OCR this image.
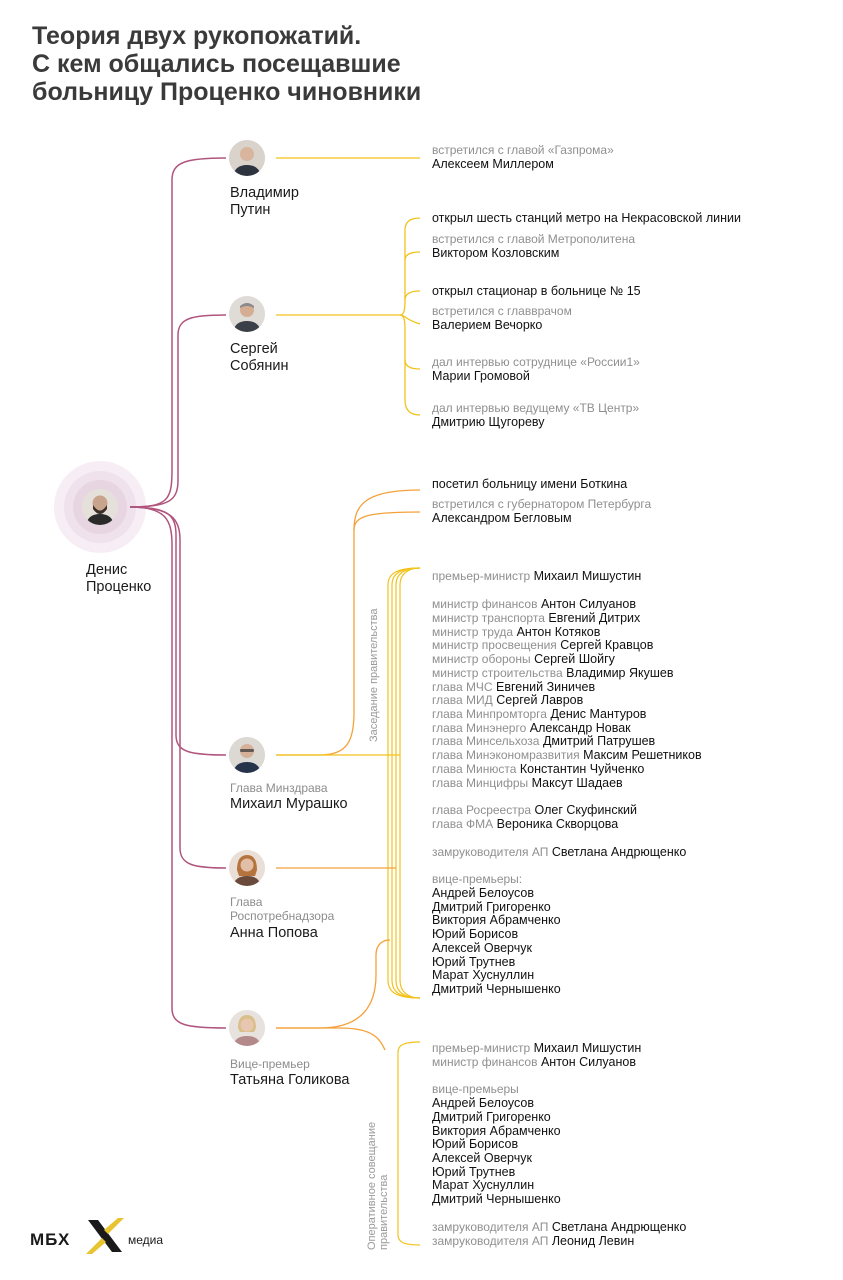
Теория двух рукопожатий.
С кем общались посещавшие
больницу Проценко чиновники
Денис
Проценко
Владимир
Путин
Сергей
Собянин
Глава Минздрава
Михаил Мурашко
Глава
Роспотребнадзора
Анна Попова
Вице-премьер
Татьяна Голикова
встретился с главой «Газпрома»
Алексеем Миллером
открыл шесть станций метро на Некрасовской линии
встретился с главой Метрополитена
Виктором Козловским
открыл стационар в больнице № 15
встретился с главврачом
Валерием Вечорко
дал интервью сотруднице «России1»
Марии Громовой
дал интервью ведущему «ТВ Центр»
Дмитрию Щугореву
посетил больницу имени Боткина
встретился с губернатором Петербурга
Александром Бегловым
Заседание правительства
премьер-министр Михаил Мишустин
министр финансов Антон Силуанов
министр транспорта Евгений Дитрих
министр труда Антон Котяков
министр просвещения Сергей Кравцов
министр обороны Сергей Шойгу
министр строительства Владимир Якушев
глава МЧС Евгений Зиничев
глава МИД Сергей Лавров
глава Минпромторга Денис Мантуров
глава Минэнерго Александр Новак
глава Минсельхоза Дмитрий Патрушев
глава Минэкономразвития Максим Решетников
глава Минюста Константин Чуйченко
глава Минцифры Максут Шадаев
глава Росреестра Олег Скуфинский
глава ФМА Вероника Скворцова
замруководителя АП Светлана Андрющенко
вице-премьеры:
Андрей Белоусов
Дмитрий Григоренко
Виктория Абрамченко
Юрий Борисов
Алексей Оверчук
Юрий Трутнев
Марат Хуснуллин
Дмитрий Чернышенко
Оперативное совещание правительства
премьер-министр Михаил Мишустин
министр финансов Антон Силуанов
вице-премьеры
Андрей Белоусов
Дмитрий Григоренко
Виктория Абрамченко
Юрий Борисов
Алексей Оверчук
Юрий Трутнев
Марат Хуснуллин
Дмитрий Чернышенко
замруководителя АП Светлана Андрющенко
замруководителя АП Леонид Левин
МБХ	медиа
